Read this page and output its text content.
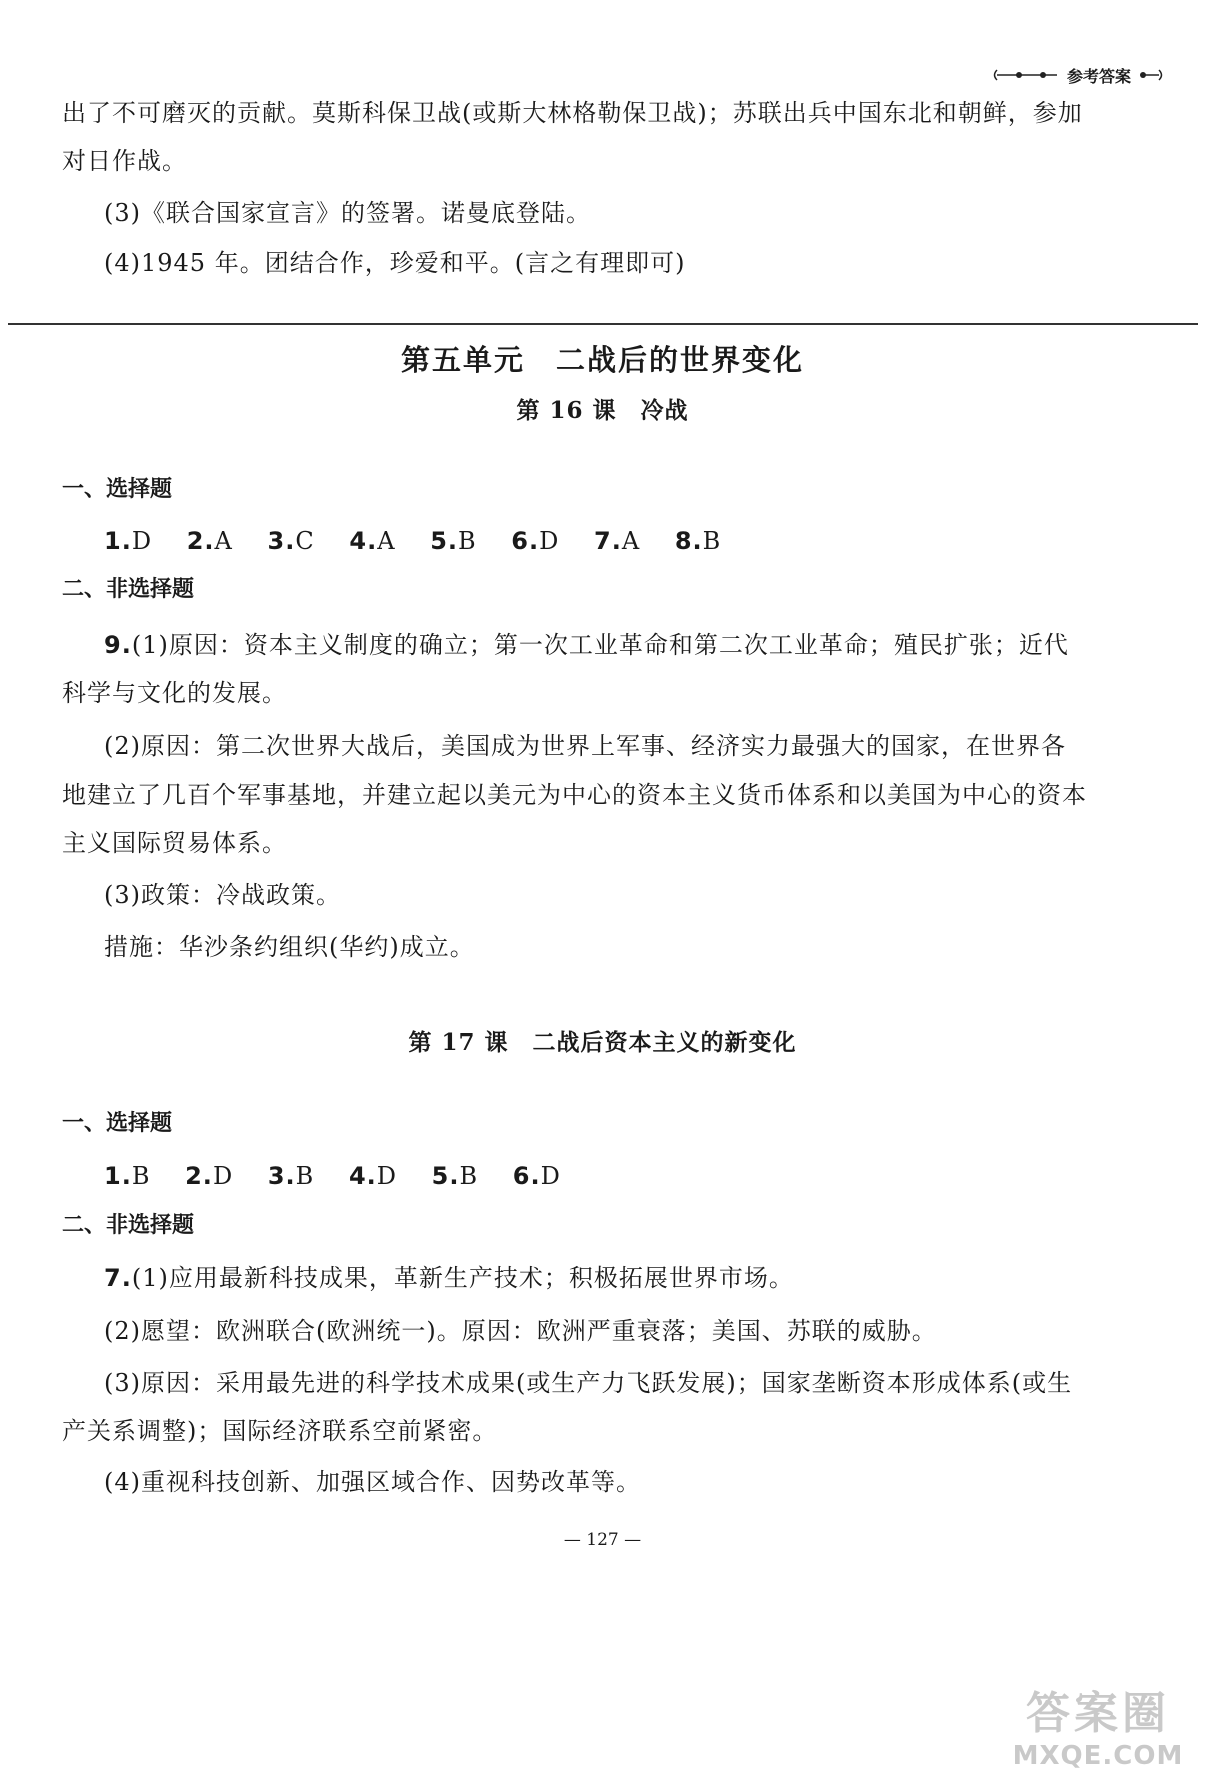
参考答案
出了不可磨灭的贡献。莫斯科保卫战(或斯大林格勒保卫战)；苏联出兵中国东北和朝鲜，参加
对日作战。
(3)《联合国家宣言》的签署。诺曼底登陆。
(4)1945 年。团结合作，珍爱和平。(言之有理即可)
第五单元　二战后的世界变化
第 16 课　冷战
一、选择题
1.D 2.A 3.C 4.A 5.B 6.D 7.A 8.B
二、非选择题
9.(1)原因：资本主义制度的确立；第一次工业革命和第二次工业革命；殖民扩张；近代
科学与文化的发展。
(2)原因：第二次世界大战后，美国成为世界上军事、经济实力最强大的国家，在世界各
地建立了几百个军事基地，并建立起以美元为中心的资本主义货币体系和以美国为中心的资本
主义国际贸易体系。
(3)政策：冷战政策。
措施：华沙条约组织(华约)成立。
第 17 课　二战后资本主义的新变化
一、选择题
1.B 2.D 3.B 4.D 5.B 6.D
二、非选择题
7.(1)应用最新科技成果，革新生产技术；积极拓展世界市场。
(2)愿望：欧洲联合(欧洲统一)。原因：欧洲严重衰落；美国、苏联的威胁。
(3)原因：采用最先进的科学技术成果(或生产力飞跃发展)；国家垄断资本形成体系(或生
产关系调整)；国际经济联系空前紧密。
(4)重视科技创新、加强区域合作、因势改革等。
— 127 —
答案圈
MXQE.COM
